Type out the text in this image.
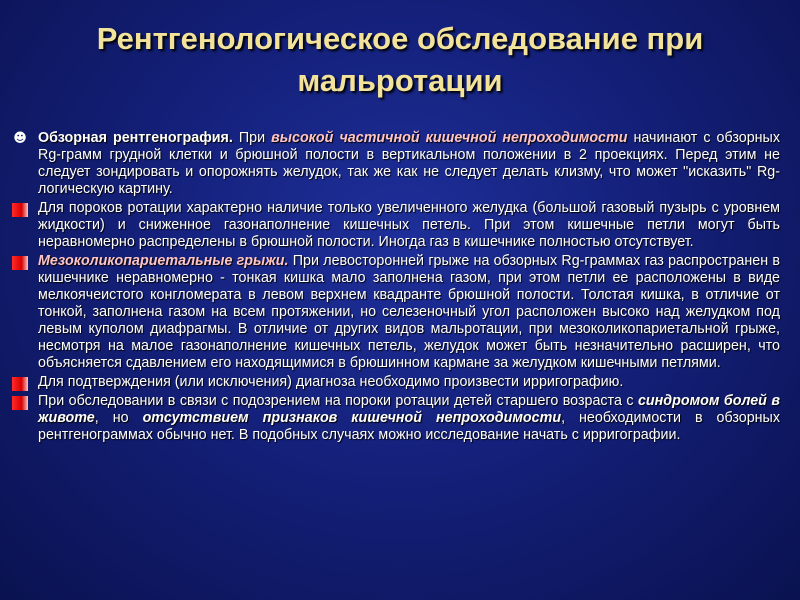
Рентгенологическое обследование при мальротации
☻ Обзорная рентгенография. При высокой частичной кишечной непроходимости начинают с обзорных Rg-грамм грудной клетки и брюшной полости в вертикальном положении в 2 проекциях. Перед этим не следует зондировать и опорожнять желудок, так же как не следует делать клизму, что может "исказить" Rg-логическую картину.
Для пороков ротации характерно наличие только увеличенного желудка (большой газовый пузырь с уровнем жидкости) и сниженное газонаполнение кишечных петель. При этом кишечные петли могут быть неравномерно распределены в брюшной полости. Иногда газ в кишечнике полностью отсутствует.
Мезоколикопариетальные грыжи. При левосторонней грыже на обзорных Rg-граммах газ распространен в кишечнике неравномерно - тонкая кишка мало заполнена газом, при этом петли ее расположены в виде мелкоячеистого конгломерата в левом верхнем квадранте брюшной полости. Толстая кишка, в отличие от тонкой, заполнена газом на всем протяжении, но селезеночный угол расположен высоко над желудком под левым куполом диафрагмы. В отличие от других видов мальротации, при мезоколикопариетальной грыже, несмотря на малое газонаполнение кишечных петель, желудок может быть незначительно расширен, что объясняется сдавлением его находящимися в брюшинном кармане за желудком кишечными петлями.
Для подтверждения (или исключения) диагноза необходимо произвести ирригографию.
При обследовании в связи с подозрением на пороки ротации детей старшего возраста с синдромом болей в животе, но отсутствием признаков кишечной непроходимости, необходимости в обзорных рентгенограммах обычно нет. В подобных случаях можно исследование начать с ирригографии.
